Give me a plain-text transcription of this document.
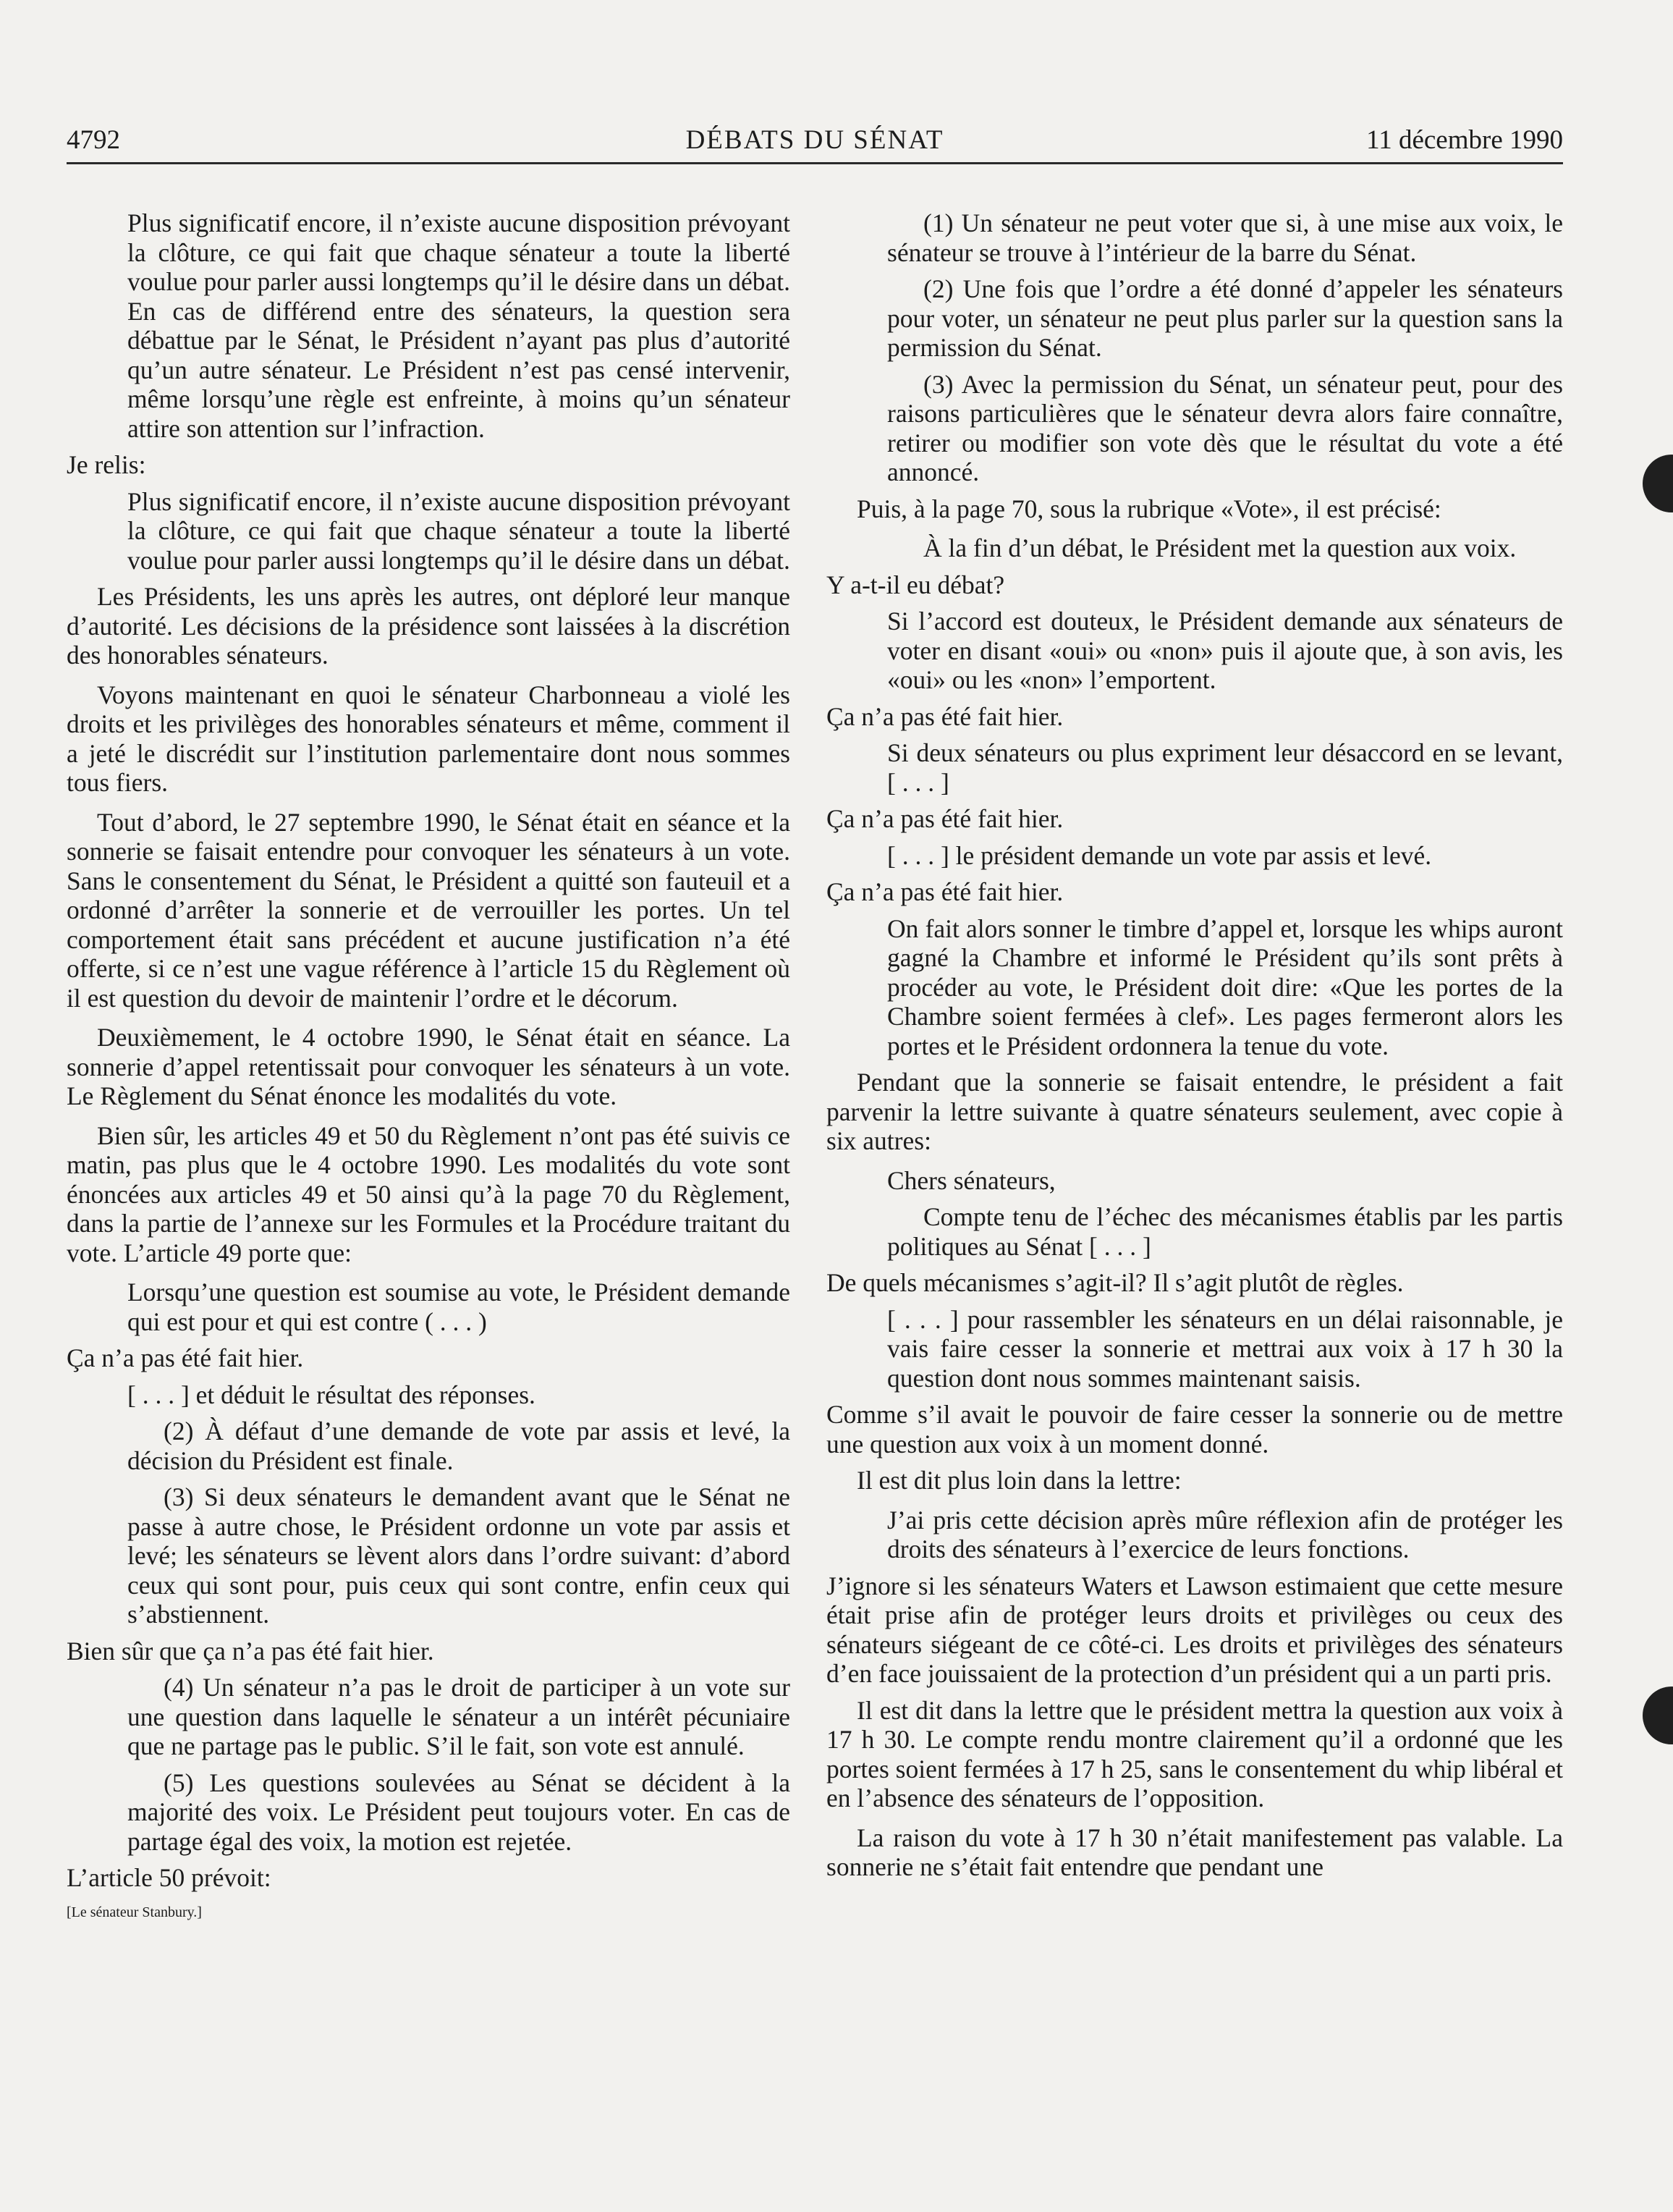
4792	DÉBATS DU SÉNAT	11 décembre 1990

Plus significatif encore, il n’existe aucune disposition prévoyant la clôture, ce qui fait que chaque sénateur a toute la liberté voulue pour parler aussi longtemps qu’il le désire dans un débat. En cas de différend entre des sénateurs, la question sera débattue par le Sénat, le Président n’ayant pas plus d’autorité qu’un autre sénateur. Le Président n’est pas censé intervenir, même lorsqu’une règle est enfreinte, à moins qu’un sénateur attire son attention sur l’infraction.

Je relis:

Plus significatif encore, il n’existe aucune disposition prévoyant la clôture, ce qui fait que chaque sénateur a toute la liberté voulue pour parler aussi longtemps qu’il le désire dans un débat.

Les Présidents, les uns après les autres, ont déploré leur manque d’autorité. Les décisions de la présidence sont laissées à la discrétion des honorables sénateurs.

Voyons maintenant en quoi le sénateur Charbonneau a violé les droits et les privilèges des honorables sénateurs et même, comment il a jeté le discrédit sur l’institution parlementaire dont nous sommes tous fiers.

Tout d’abord, le 27 septembre 1990, le Sénat était en séance et la sonnerie se faisait entendre pour convoquer les sénateurs à un vote. Sans le consentement du Sénat, le Président a quitté son fauteuil et a ordonné d’arrêter la sonnerie et de verrouiller les portes. Un tel comportement était sans précédent et aucune justification n’a été offerte, si ce n’est une vague référence à l’article 15 du Règlement où il est question du devoir de maintenir l’ordre et le décorum.

Deuxièmement, le 4 octobre 1990, le Sénat était en séance. La sonnerie d’appel retentissait pour convoquer les sénateurs à un vote. Le Règlement du Sénat énonce les modalités du vote.

Bien sûr, les articles 49 et 50 du Règlement n’ont pas été suivis ce matin, pas plus que le 4 octobre 1990. Les modalités du vote sont énoncées aux articles 49 et 50 ainsi qu’à la page 70 du Règlement, dans la partie de l’annexe sur les Formules et la Procédure traitant du vote. L’article 49 porte que:

Lorsqu’une question est soumise au vote, le Président demande qui est pour et qui est contre ( . . . )

Ça n’a pas été fait hier.

[ . . . ] et déduit le résultat des réponses.

(2) À défaut d’une demande de vote par assis et levé, la décision du Président est finale.

(3) Si deux sénateurs le demandent avant que le Sénat ne passe à autre chose, le Président ordonne un vote par assis et levé; les sénateurs se lèvent alors dans l’ordre suivant: d’abord ceux qui sont pour, puis ceux qui sont contre, enfin ceux qui s’abstiennent.

Bien sûr que ça n’a pas été fait hier.

(4) Un sénateur n’a pas le droit de participer à un vote sur une question dans laquelle le sénateur a un intérêt pécuniaire que ne partage pas le public. S’il le fait, son vote est annulé.

(5) Les questions soulevées au Sénat se décident à la majorité des voix. Le Président peut toujours voter. En cas de partage égal des voix, la motion est rejetée.

L’article 50 prévoit:

[Le sénateur Stanbury.]

(1) Un sénateur ne peut voter que si, à une mise aux voix, le sénateur se trouve à l’intérieur de la barre du Sénat.

(2) Une fois que l’ordre a été donné d’appeler les sénateurs pour voter, un sénateur ne peut plus parler sur la question sans la permission du Sénat.

(3) Avec la permission du Sénat, un sénateur peut, pour des raisons particulières que le sénateur devra alors faire connaître, retirer ou modifier son vote dès que le résultat du vote a été annoncé.

Puis, à la page 70, sous la rubrique «Vote», il est précisé:

À la fin d’un débat, le Président met la question aux voix.

Y a-t-il eu débat?

Si l’accord est douteux, le Président demande aux sénateurs de voter en disant «oui» ou «non» puis il ajoute que, à son avis, les «oui» ou les «non» l’emportent.

Ça n’a pas été fait hier.

Si deux sénateurs ou plus expriment leur désaccord en se levant, [ . . . ]

Ça n’a pas été fait hier.

[ . . . ] le président demande un vote par assis et levé.

Ça n’a pas été fait hier.

On fait alors sonner le timbre d’appel et, lorsque les whips auront gagné la Chambre et informé le Président qu’ils sont prêts à procéder au vote, le Président doit dire: «Que les portes de la Chambre soient fermées à clef». Les pages fermeront alors les portes et le Président ordonnera la tenue du vote.

Pendant que la sonnerie se faisait entendre, le président a fait parvenir la lettre suivante à quatre sénateurs seulement, avec copie à six autres:

Chers sénateurs,

Compte tenu de l’échec des mécanismes établis par les partis politiques au Sénat [ . . . ]

De quels mécanismes s’agit-il? Il s’agit plutôt de règles.

[ . . . ] pour rassembler les sénateurs en un délai raisonnable, je vais faire cesser la sonnerie et mettrai aux voix à 17 h 30 la question dont nous sommes maintenant saisis.

Comme s’il avait le pouvoir de faire cesser la sonnerie ou de mettre une question aux voix à un moment donné.

Il est dit plus loin dans la lettre:

J’ai pris cette décision après mûre réflexion afin de protéger les droits des sénateurs à l’exercice de leurs fonctions.

J’ignore si les sénateurs Waters et Lawson estimaient que cette mesure était prise afin de protéger leurs droits et privilèges ou ceux des sénateurs siégeant de ce côté-ci. Les droits et privilèges des sénateurs d’en face jouissaient de la protection d’un président qui a un parti pris.

Il est dit dans la lettre que le président mettra la question aux voix à 17 h 30. Le compte rendu montre clairement qu’il a ordonné que les portes soient fermées à 17 h 25, sans le consentement du whip libéral et en l’absence des sénateurs de l’opposition.

La raison du vote à 17 h 30 n’était manifestement pas valable. La sonnerie ne s’était fait entendre que pendant une
